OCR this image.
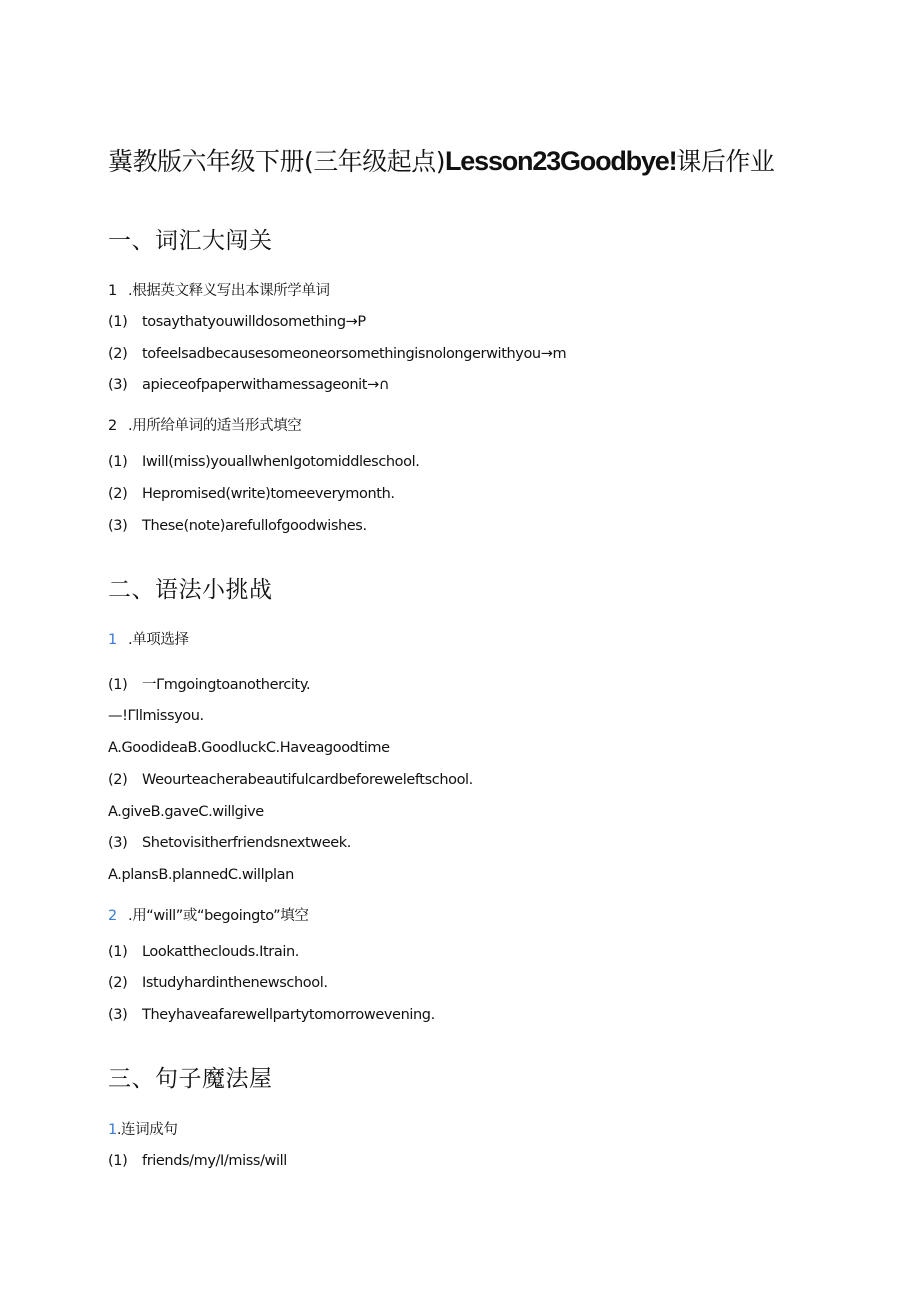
冀教版六年级下册(三年级起点)Lesson23Goodbye!课后作业
一、词汇大闯关
1 .根据英文释义写出本课所学单词
(1) tosaythatyouwilldosomething→P
(2) tofeelsadbecausesomeoneorsomethingisnolongerwithyou→m
(3) apieceofpaperwithamessageonit→∩
2 .用所给单词的适当形式填空
(1) Iwill(miss)youallwhenIgotomiddleschool.
(2) Hepromised(write)tomeeverymonth.
(3) These(note)arefullofgoodwishes.
二、语法小挑战
1 .单项选择
(1) 一Γmgoingtoanothercity.
—!Γllmissyou.
A.GoodideaB.GoodluckC.Haveagoodtime
(2) Weourteacherabeautifulcardbeforeweleftschool.
A.giveB.gaveC.willgive
(3) Shetovisitherfriendsnextweek.
A.plansB.plannedC.willplan
2 .用“will”或“begoingto”填空
(1) Lookattheclouds.Itrain.
(2) Istudyhardinthenewschool.
(3) Theyhaveafarewellpartytomorrowevening.
三、句子魔法屋
1.连词成句
(1) friends∕my∕I∕miss∕will
